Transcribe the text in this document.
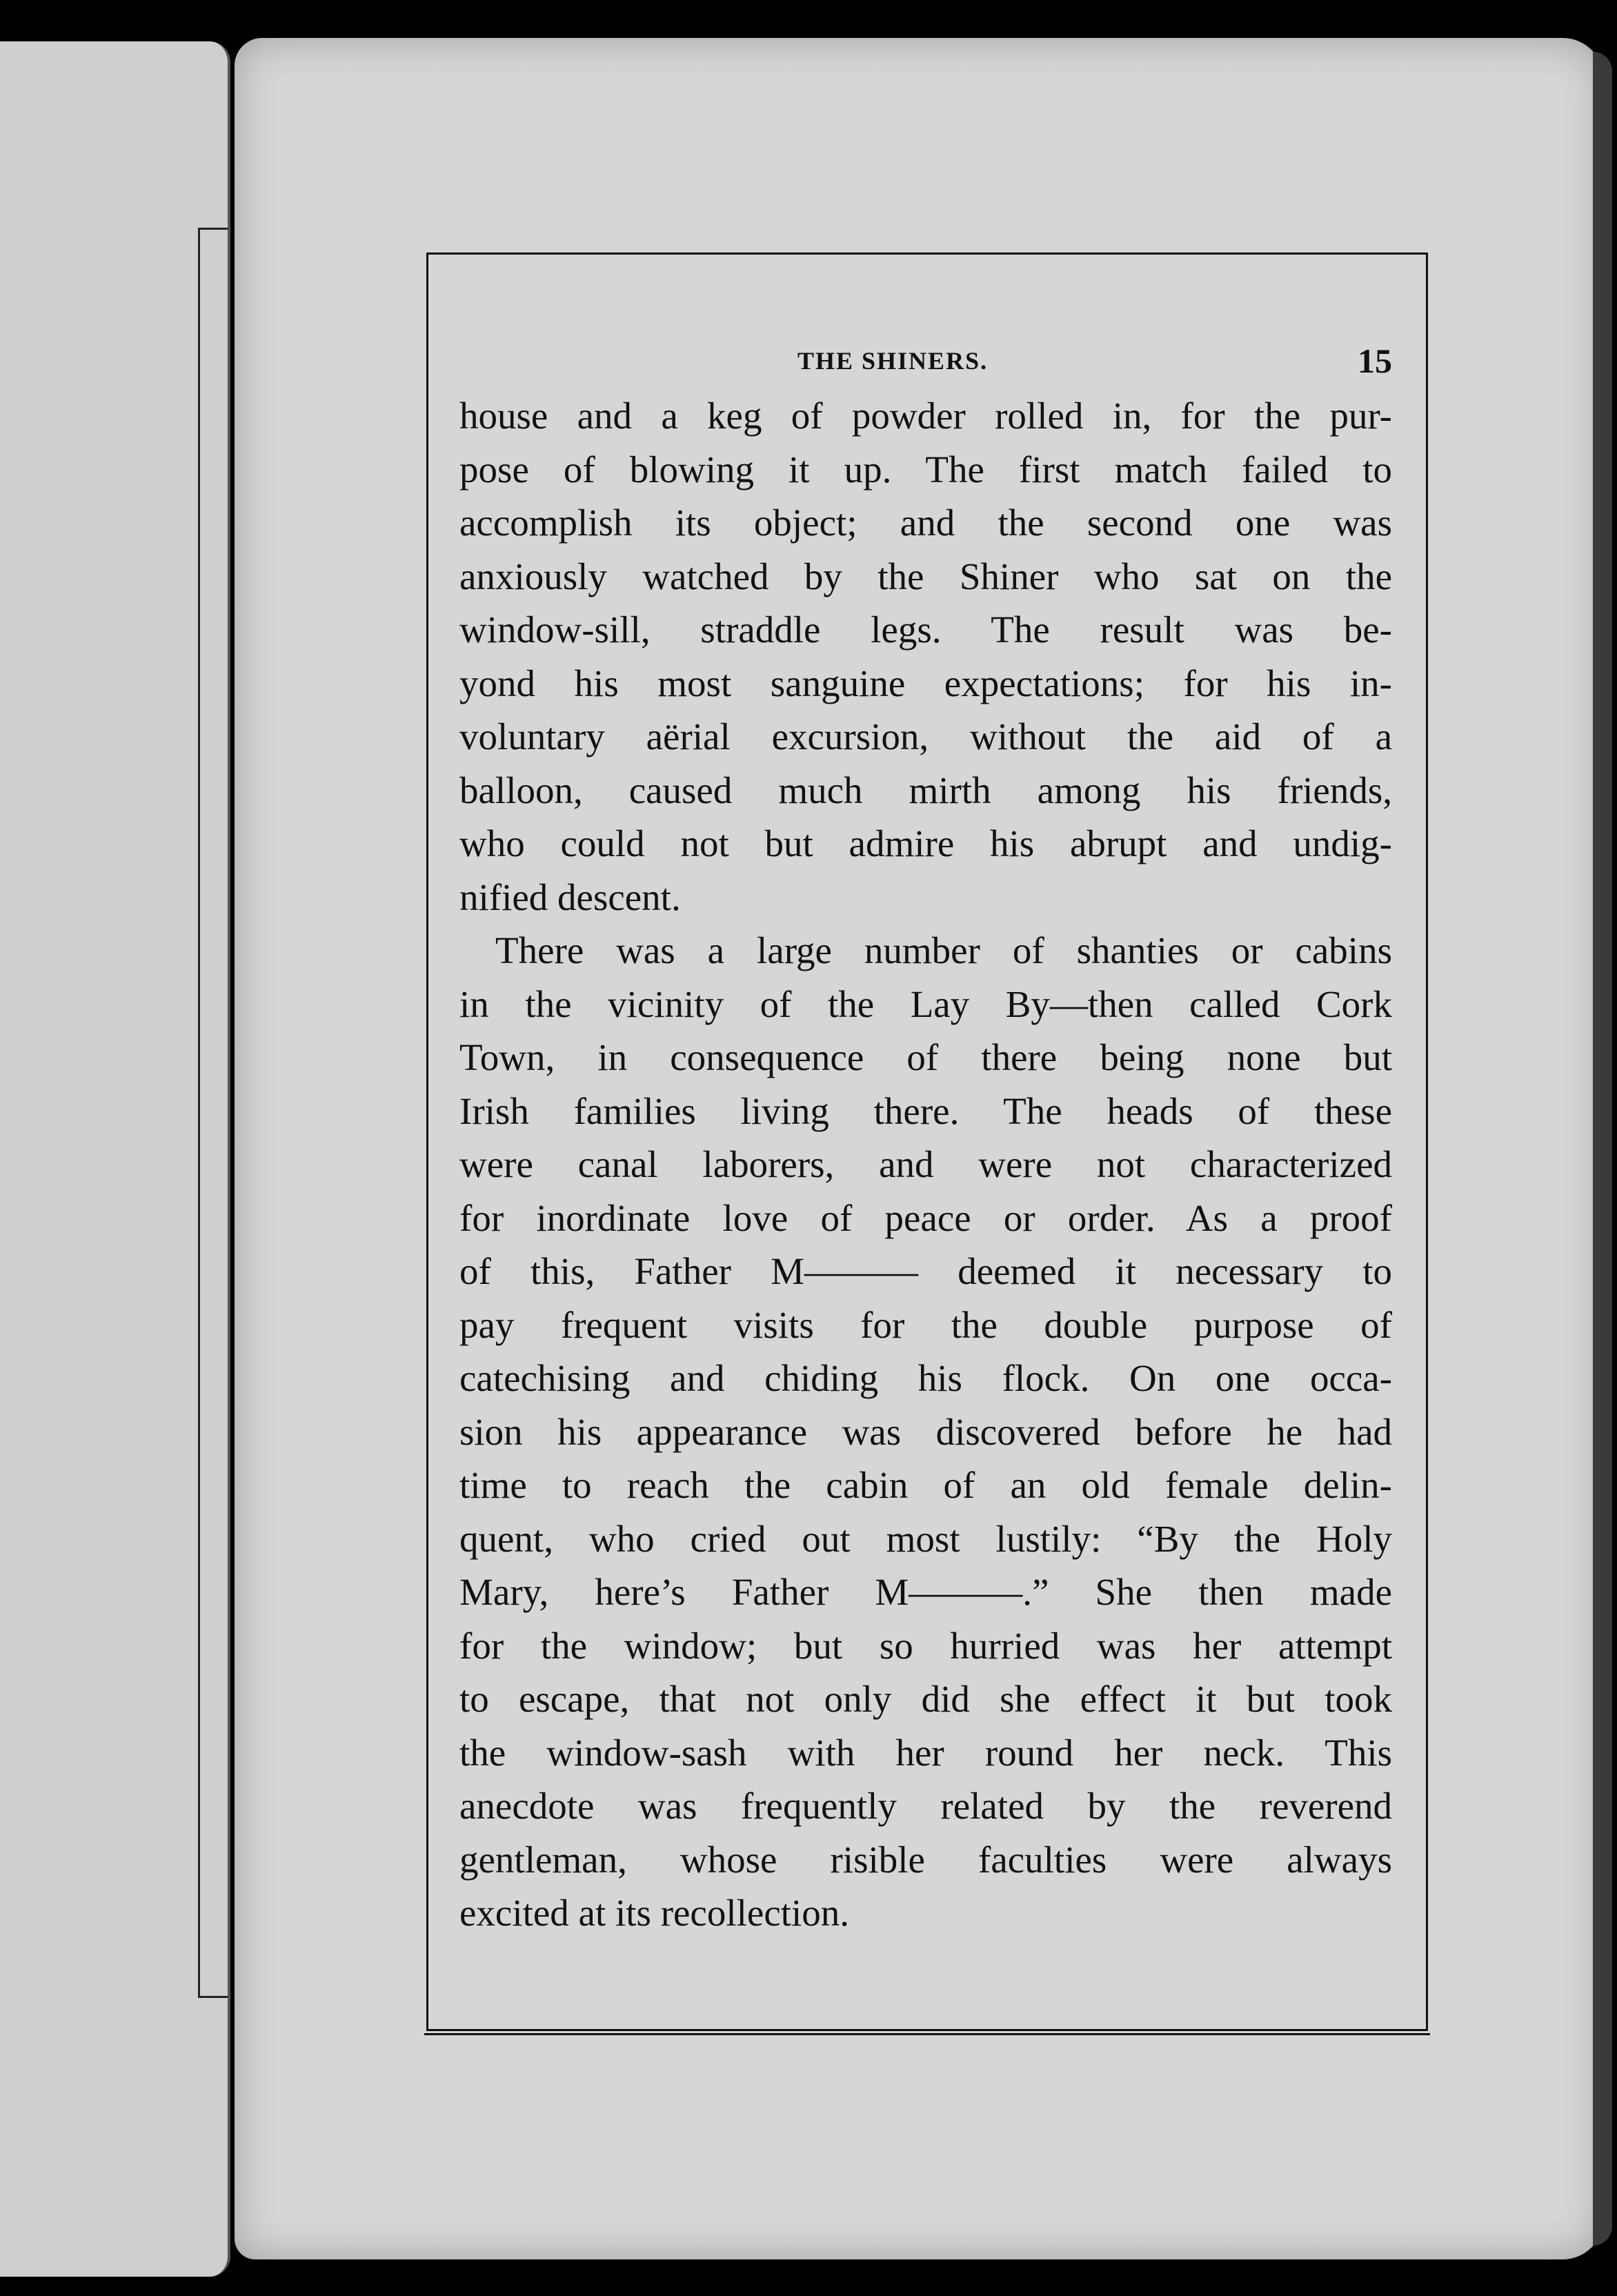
THE SHINERS.	15
house and a keg of powder rolled in, for the pur-
pose of blowing it up. The first match failed to
accomplish its object; and the second one was
anxiously watched by the Shiner who sat on the
window-sill, straddle legs. The result was be-
yond his most sanguine expectations; for his in-
voluntary aërial excursion, without the aid of a
balloon, caused much mirth among his friends,
who could not but admire his abrupt and undig-
nified descent.
There was a large number of shanties or cabins
in the vicinity of the Lay By—then called Cork
Town, in consequence of there being none but
Irish families living there. The heads of these
were canal laborers, and were not characterized
for inordinate love of peace or order. As a proof
of this, Father M——— deemed it necessary to
pay frequent visits for the double purpose of
catechising and chiding his flock. On one occa-
sion his appearance was discovered before he had
time to reach the cabin of an old female delin-
quent, who cried out most lustily: “By the Holy
Mary, here’s Father M———.” She then made
for the window; but so hurried was her attempt
to escape, that not only did she effect it but took
the window-sash with her round her neck. This
anecdote was frequently related by the reverend
gentleman, whose risible faculties were always
excited at its recollection.
